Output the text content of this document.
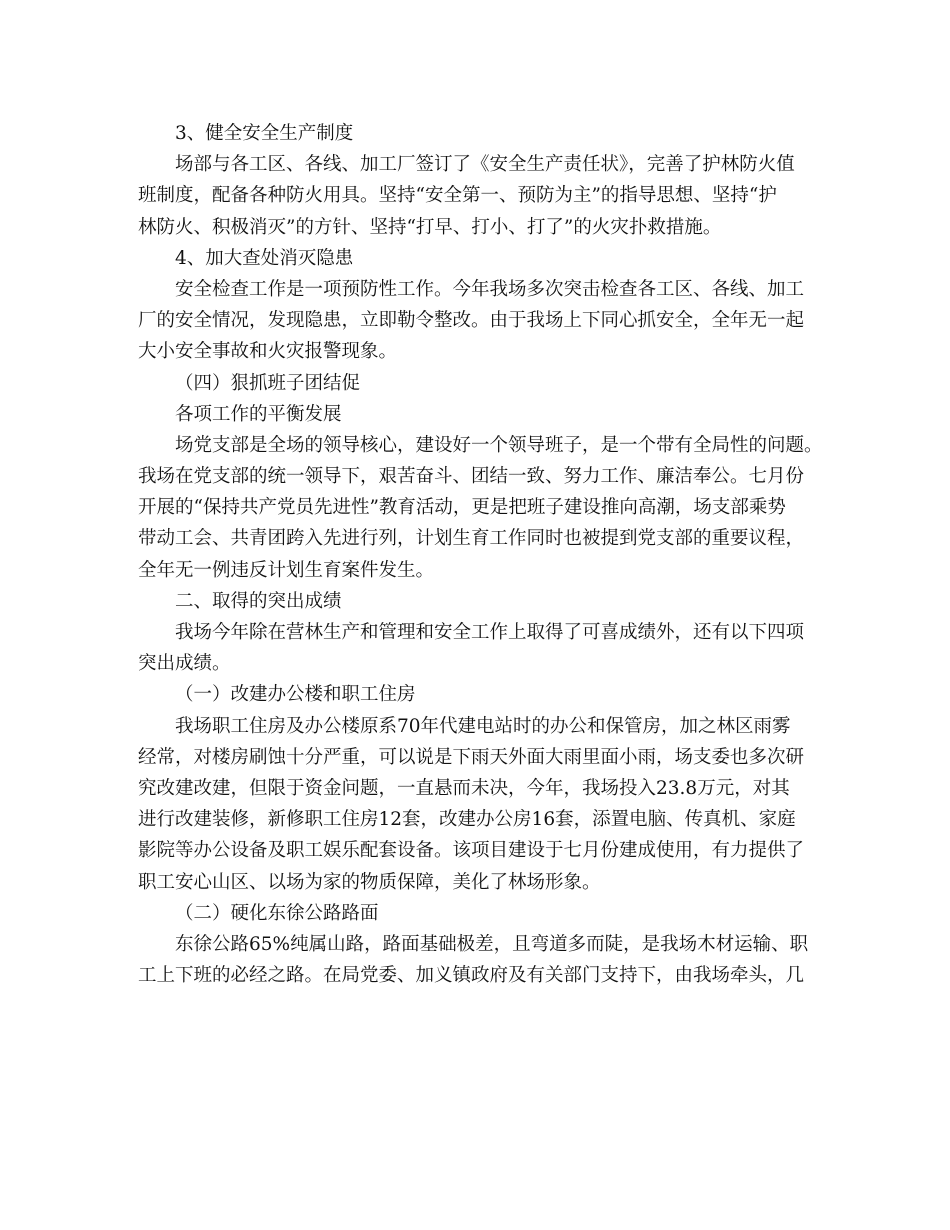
3、健全安全生产制度
场部与各工区、各线、加工厂签订了《安全生产责任状》，完善了护林防火值
班制度，配备各种防火用具。坚持“安全第一、预防为主”的指导思想、坚持“护
林防火、积极消灭”的方针、坚持“打早、打小、打了”的火灾扑救措施。
4、加大查处消灭隐患
安全检查工作是一项预防性工作。今年我场多次突击检查各工区、各线、加工
厂的安全情况，发现隐患，立即勒令整改。由于我场上下同心抓安全，全年无一起
大小安全事故和火灾报警现象。
（四）狠抓班子团结促
各项工作的平衡发展
场党支部是全场的领导核心，建设好一个领导班子，是一个带有全局性的问题。
我场在党支部的统一领导下，艰苦奋斗、团结一致、努力工作、廉洁奉公。七月份
开展的“保持共产党员先进性”教育活动，更是把班子建设推向高潮，场支部乘势
带动工会、共青团跨入先进行列，计划生育工作同时也被提到党支部的重要议程，
全年无一例违反计划生育案件发生。
二、取得的突出成绩
我场今年除在营林生产和管理和安全工作上取得了可喜成绩外，还有以下四项
突出成绩。
（一）改建办公楼和职工住房
我场职工住房及办公楼原系70年代建电站时的办公和保管房，加之林区雨雾
经常，对楼房刷蚀十分严重，可以说是下雨天外面大雨里面小雨，场支委也多次研
究改建改建，但限于资金问题，一直悬而未决，今年，我场投入23.8万元，对其
进行改建装修，新修职工住房12套，改建办公房16套，添置电脑、传真机、家庭
影院等办公设备及职工娱乐配套设备。该项目建设于七月份建成使用，有力提供了
职工安心山区、以场为家的物质保障，美化了林场形象。
（二）硬化东徐公路路面
东徐公路65%纯属山路，路面基础极差，且弯道多而陡，是我场木材运输、职
工上下班的必经之路。在局党委、加义镇政府及有关部门支持下，由我场牵头，几
